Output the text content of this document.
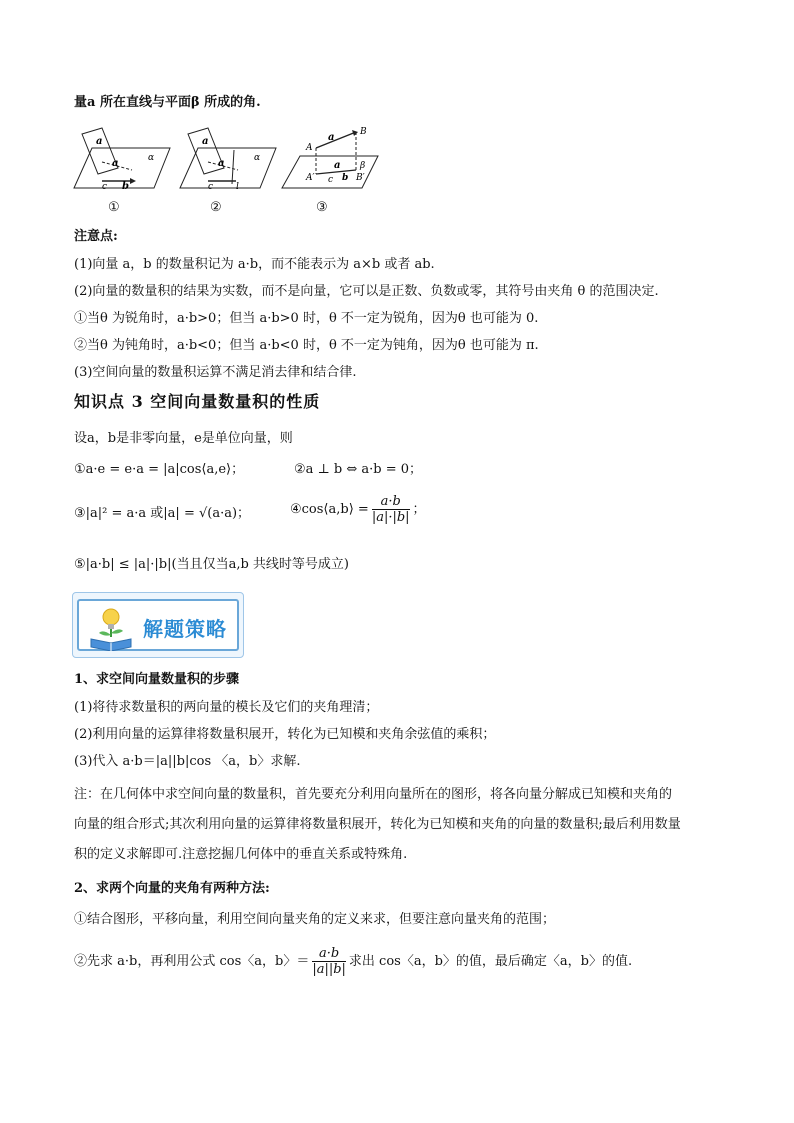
量a 所在直线与平面β 所成的角.
a
a
c b
α
①
a
a
c	l
α
②
a
A
B
a
A′ c b B′
β
③
注意点:
(1)向量 a，b 的数量积记为 a·b，而不能表示为 a×b 或者 ab.
(2)向量的数量积的结果为实数，而不是向量，它可以是正数、负数或零，其符号由夹角 θ 的范围决定.
①当θ 为锐角时，a·b>0；但当 a·b>0 时，θ 不一定为锐角，因为θ 也可能为 0.
②当θ 为钝角时，a·b<0；但当 a·b<0 时，θ 不一定为钝角，因为θ 也可能为 π.
(3)空间向量的数量积运算不满足消去律和结合律.
知识点 3 空间向量数量积的性质
设a，b是非零向量，e是单位向量，则
①a·e = e·a = |a|cos⟨a,e⟩；	②a ⊥ b ⇔ a·b = 0；
③|a|² = a·a 或|a| = √(a·a)；	④cos⟨a,b⟩ = $\frac{a\cdot b}{|a|\cdot|b|}$ ；
⑤|a·b| ≤ |a|·|b|(当且仅当a,b 共线时等号成立)
解题策略
1、求空间向量数量积的步骤
(1)将待求数量积的两向量的模长及它们的夹角理清；
(2)利用向量的运算律将数量积展开，转化为已知模和夹角余弦值的乘积；
(3)代入 a·b＝|a||b|cos 〈a，b〉求解.
注：在几何体中求空间向量的数量积，首先要充分利用向量所在的图形，将各向量分解成已知模和夹角的
向量的组合形式;其次利用向量的运算律将数量积展开，转化为已知模和夹角的向量的数量积;最后利用数量
积的定义求解即可.注意挖掘几何体中的垂直关系或特殊角.
2、求两个向量的夹角有两种方法:
①结合图形，平移向量，利用空间向量夹角的定义来求，但要注意向量夹角的范围；
②先求 a·b，再利用公式 cos〈a，b〉＝ $\frac{a\cdot b}{|a||b|}$ 求出 cos〈a，b〉的值，最后确定〈a，b〉的值.
